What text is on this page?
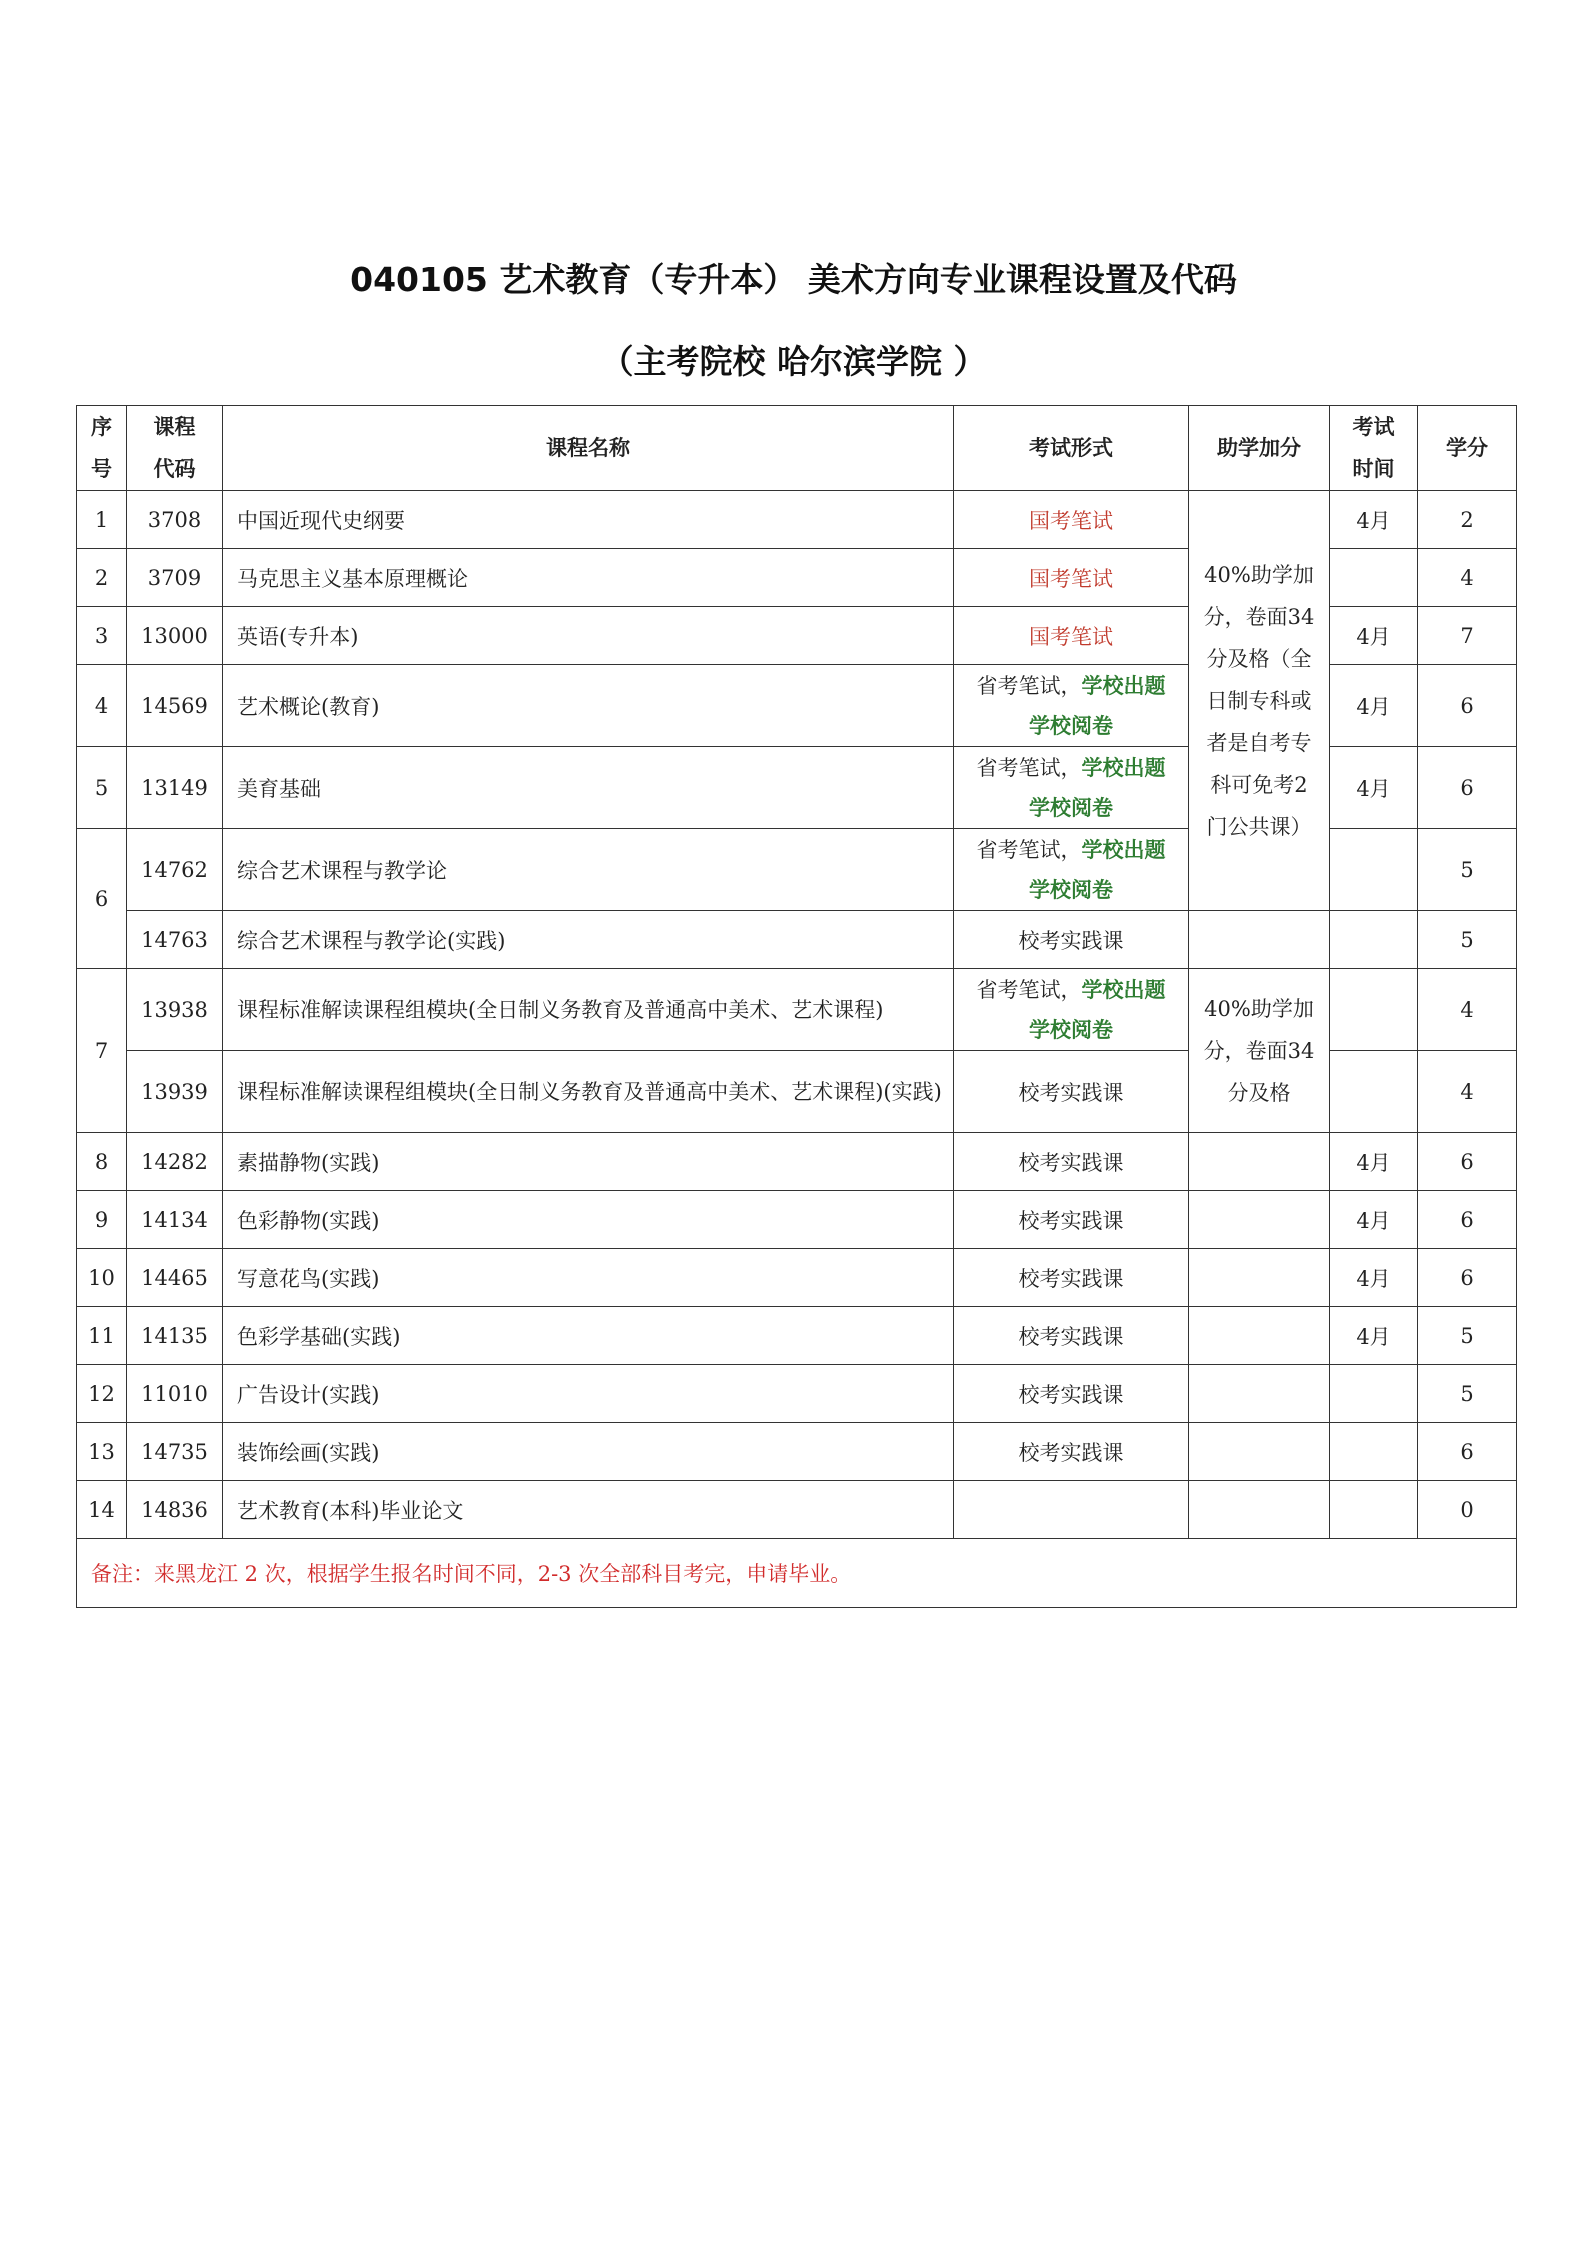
040105 艺术教育（专升本） 美术方向专业课程设置及代码
（主考院校 哈尔滨学院 ）
序号	课程代码	课程名称	考试形式	助学加分	考试时间	学分
1	3708	中国近现代史纲要	国考笔试	40%助学加分，卷面34分及格（全日制专科或者是自考专科可免考2门公共课）	4月	2
2	3709	马克思主义基本原理概论	国考笔试			4
3	13000	英语(专升本)	国考笔试		4月	7
4	14569	艺术概论(教育)	省考笔试，学校出题
学校阅卷		4月	6
5	13149	美育基础	省考笔试，学校出题
学校阅卷		4月	6
6	14762	综合艺术课程与教学论	省考笔试，学校出题
学校阅卷			5
	14763	综合艺术课程与教学论(实践)	校考实践课			5
7	13938	课程标准解读课程组模块(全日制义务教育及普通高中美术、艺术课程)	省考笔试，学校出题
学校阅卷	40%助学加分，卷面34分及格		4
	13939	课程标准解读课程组模块(全日制义务教育及普通高中美术、艺术课程)(实践)	校考实践课			4
8	14282	素描静物(实践)	校考实践课		4月	6
9	14134	色彩静物(实践)	校考实践课		4月	6
10	14465	写意花鸟(实践)	校考实践课		4月	6
11	14135	色彩学基础(实践)	校考实践课		4月	5
12	11010	广告设计(实践)	校考实践课			5
13	14735	装饰绘画(实践)	校考实践课			6
14	14836	艺术教育(本科)毕业论文				0
备注：来黑龙江 2 次，根据学生报名时间不同，2-3 次全部科目考完，申请毕业。						
